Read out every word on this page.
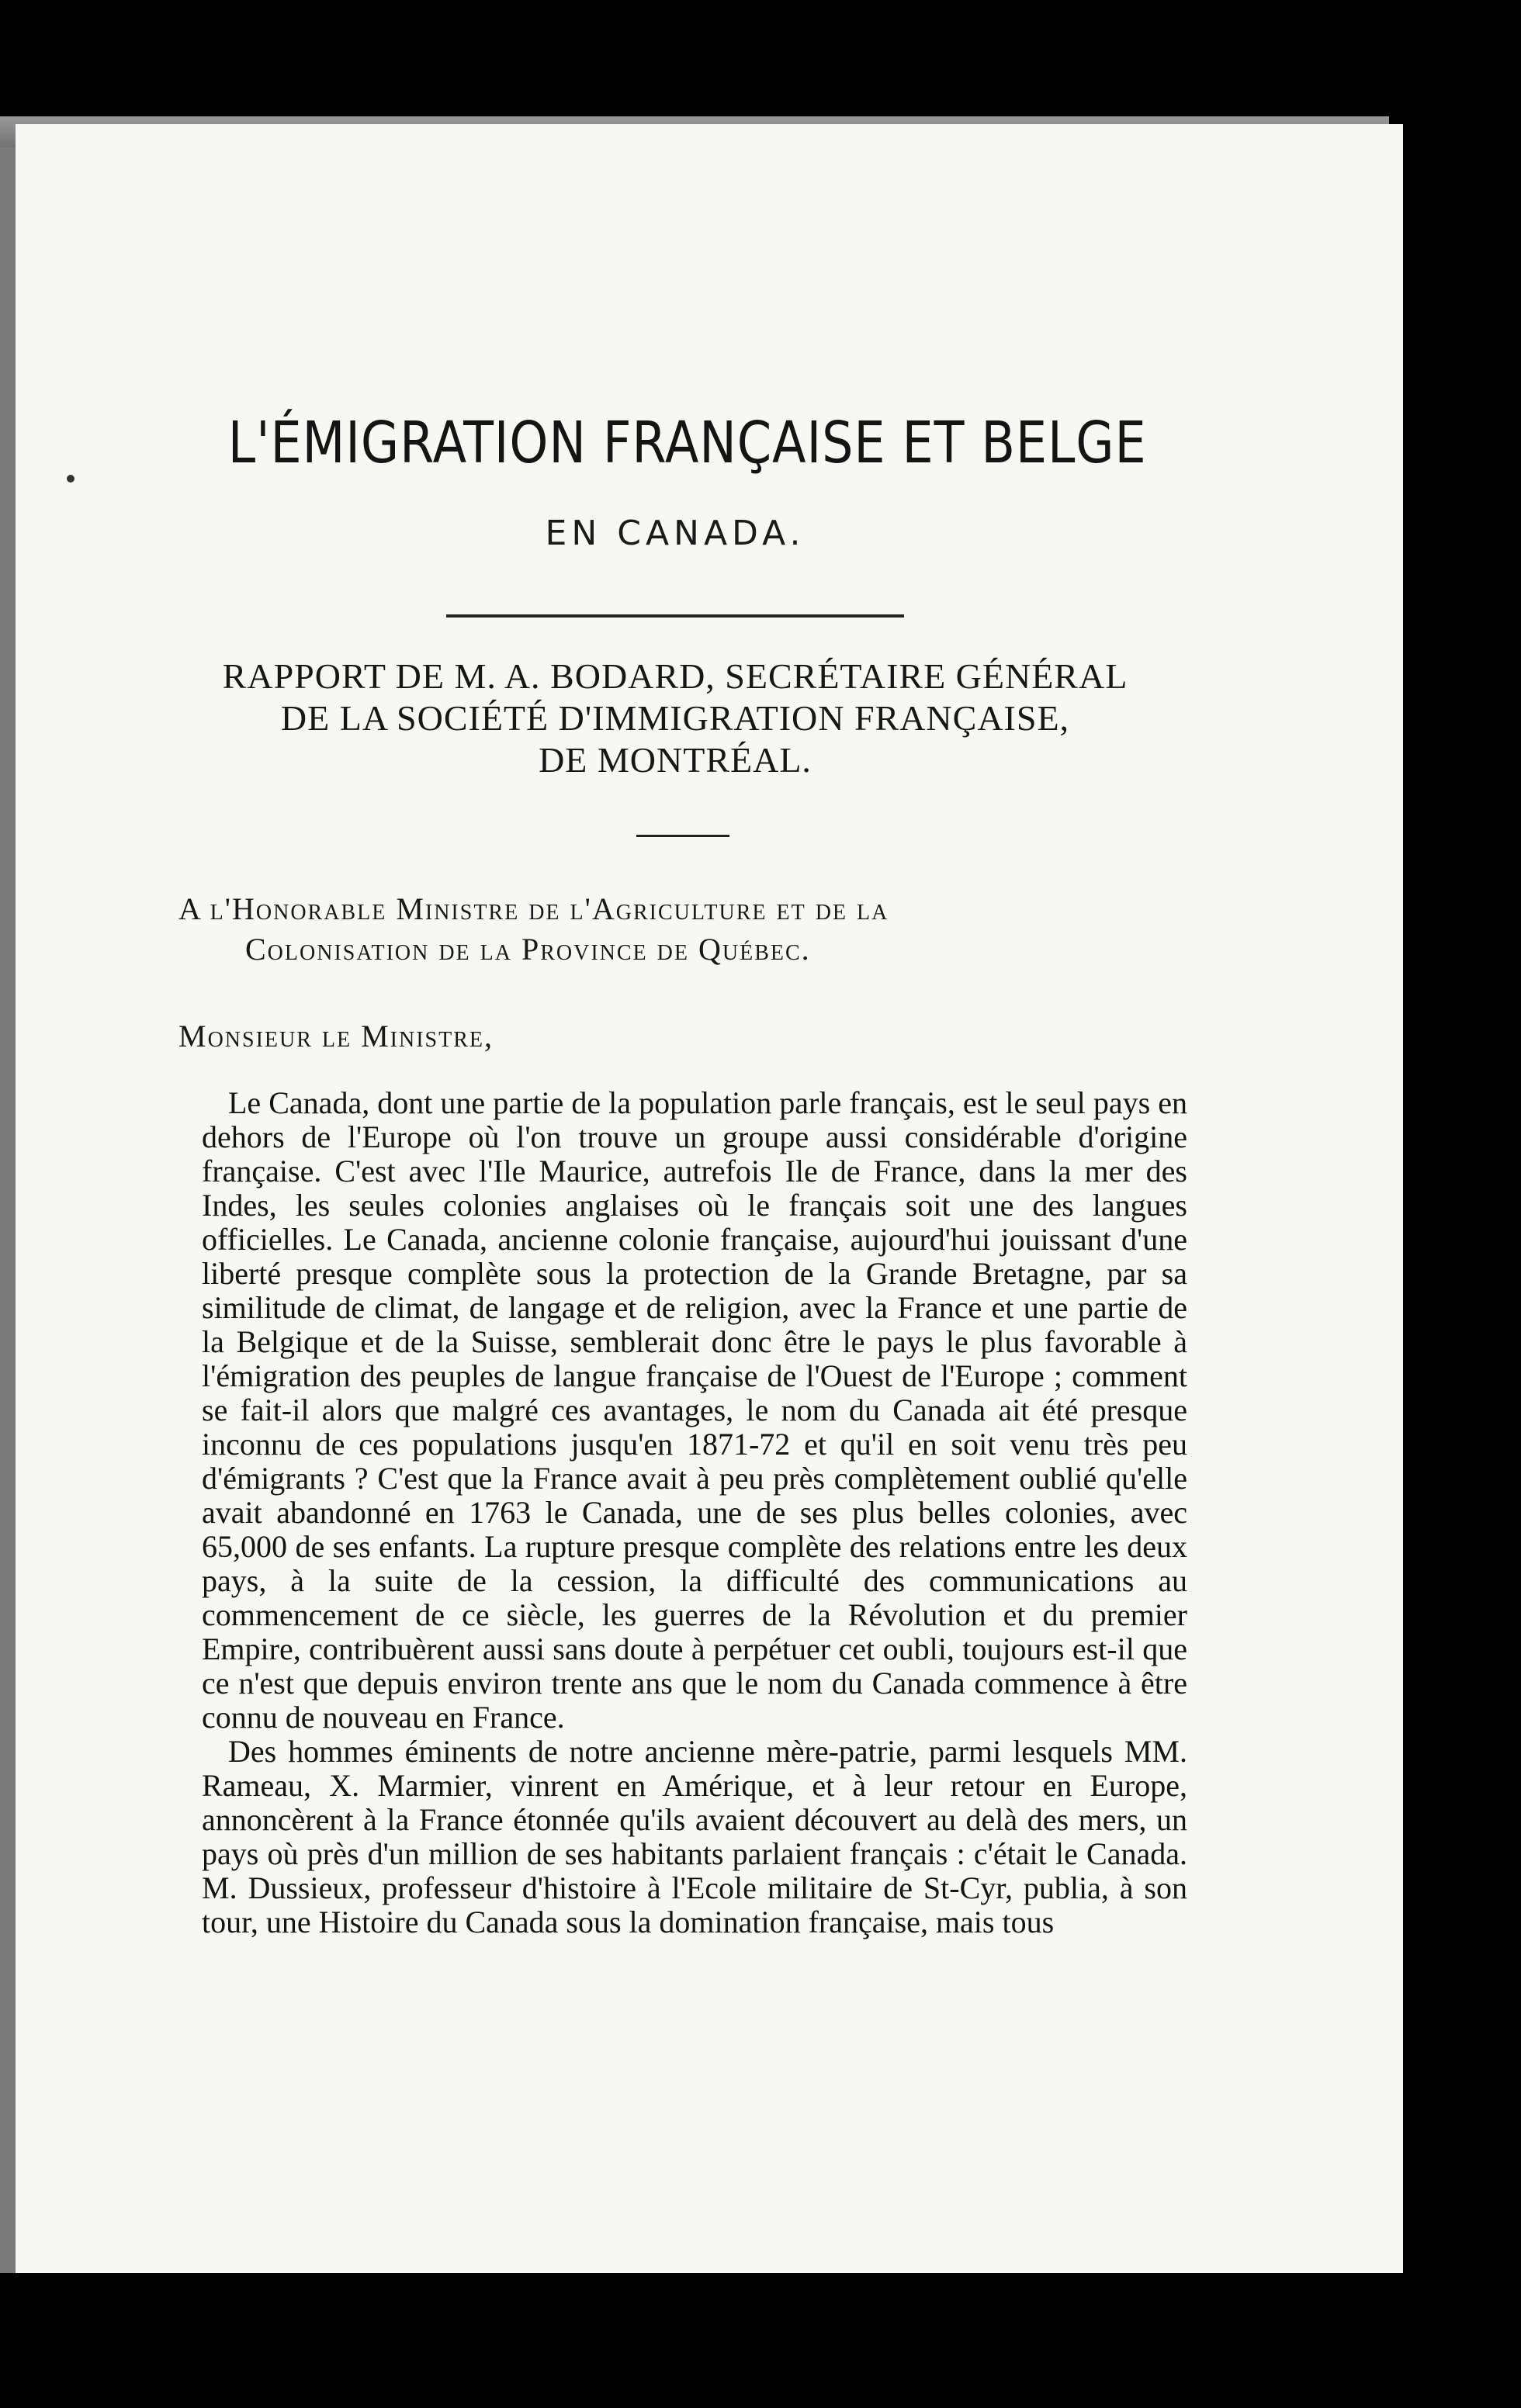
L'ÉMIGRATION FRANÇAISE ET BELGE
EN CANADA.
RAPPORT DE M. A. BODARD, SECRÉTAIRE GÉNÉRAL
DE LA SOCIÉTÉ D'IMMIGRATION FRANÇAISE,
DE MONTRÉAL.
A l'Honorable Ministre de l'Agriculture et de la
Colonisation de la Province de Québec.
Monsieur le Ministre,

Le Canada, dont une partie de la population parle français, est le seul pays en dehors de l'Europe où l'on trouve un groupe aussi considérable d'origine française. C'est avec l'Ile Maurice, autrefois Ile de France, dans la mer des Indes, les seules colonies anglaises où le français soit une des langues officielles. Le Canada, ancienne colonie française, aujourd'hui jouissant d'une liberté presque complète sous la protection de la Grande Bretagne, par sa similitude de climat, de langage et de religion, avec la France et une partie de la Belgique et de la Suisse, semblerait donc être le pays le plus favorable à l'émigration des peuples de langue française de l'Ouest de l'Europe ; comment se fait-il alors que malgré ces avantages, le nom du Canada ait été presque inconnu de ces populations jusqu'en 1871-72 et qu'il en soit venu très peu d'émigrants ? C'est que la France avait à peu près complètement oublié qu'elle avait abandonné en 1763 le Canada, une de ses plus belles colonies, avec 65,000 de ses enfants. La rupture presque complète des relations entre les deux pays, à la suite de la cession, la difficulté des communications au commencement de ce siècle, les guerres de la Révolution et du premier Empire, contribuèrent aussi sans doute à perpétuer cet oubli, toujours est-il que ce n'est que depuis environ trente ans que le nom du Canada commence à être connu de nouveau en France.

Des hommes éminents de notre ancienne mère-patrie, parmi lesquels MM. Rameau, X. Marmier, vinrent en Amérique, et à leur retour en Europe, annoncèrent à la France étonnée qu'ils avaient découvert au delà des mers, un pays où près d'un million de ses habitants parlaient français : c'était le Canada. M. Dussieux, professeur d'histoire à l'Ecole militaire de St-Cyr, publia, à son tour, une Histoire du Canada sous la domination française, mais tous
